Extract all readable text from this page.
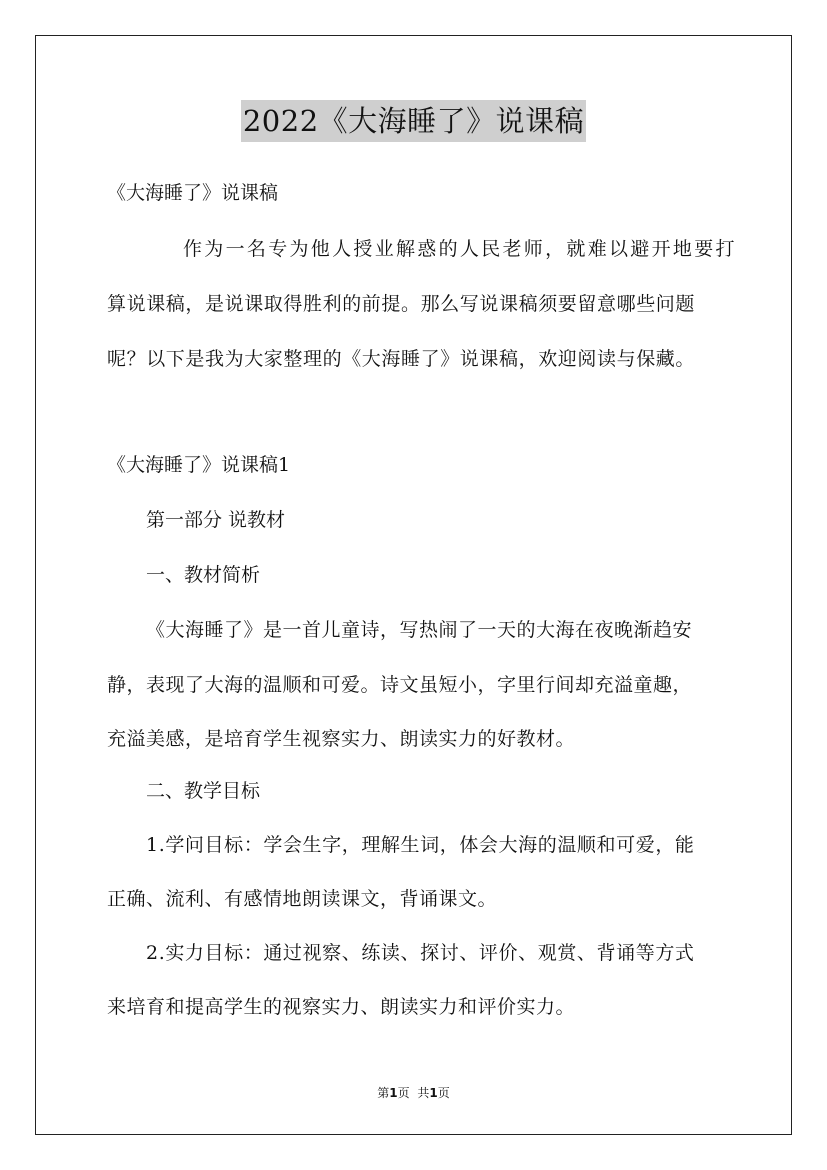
2022《大海睡了》说课稿
《大海睡了》说课稿
作为一名专为他人授业解惑的人民老师，就难以避开地要打
算说课稿，是说课取得胜利的前提。那么写说课稿须要留意哪些问题
呢？以下是我为大家整理的《大海睡了》说课稿，欢迎阅读与保藏。
《大海睡了》说课稿1
第一部分 说教材
一、教材简析
《大海睡了》是一首儿童诗，写热闹了一天的大海在夜晚渐趋安
静，表现了大海的温顺和可爱。诗文虽短小，字里行间却充溢童趣，
充溢美感，是培育学生视察实力、朗读实力的好教材。
二、教学目标
1.学问目标：学会生字，理解生词，体会大海的温顺和可爱，能
正确、流利、有感情地朗读课文，背诵课文。
2.实力目标：通过视察、练读、探讨、评价、观赏、背诵等方式
来培育和提高学生的视察实力、朗读实力和评价实力。
第1页 共1页
